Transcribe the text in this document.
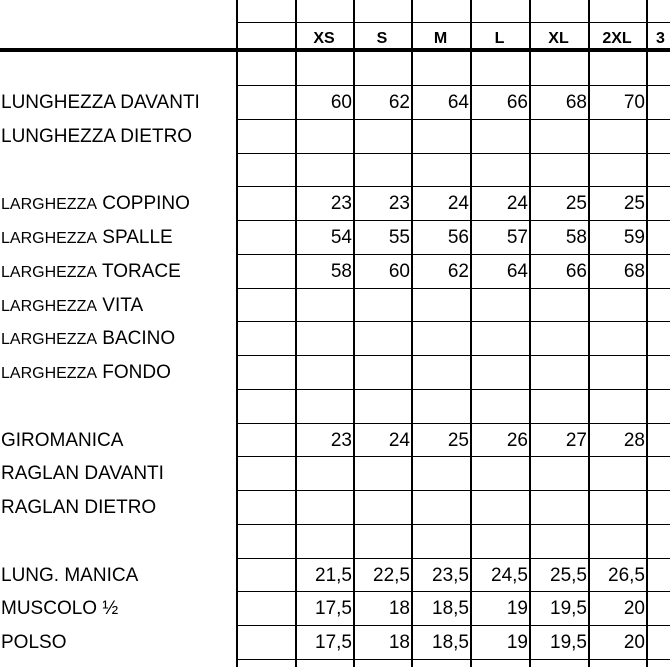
XS	S	M	L	XL	2XL	3
LUNGHEZZA DAVANTI	60	62	64	66	68	70
LUNGHEZZA DIETRO
LARGHEZZA COPPINO	23	23	24	24	25	25
LARGHEZZA SPALLE	54	55	56	57	58	59
LARGHEZZA TORACE	58	60	62	64	66	68
LARGHEZZA VITA
LARGHEZZA BACINO
LARGHEZZA FONDO
GIROMANICA	23	24	25	26	27	28
RAGLAN DAVANTI
RAGLAN DIETRO
LUNG. MANICA	21,5	22,5	23,5	24,5	25,5	26,5
MUSCOLO ½	17,5	18	18,5	19	19,5	20
POLSO	17,5	18	18,5	19	19,5	20
